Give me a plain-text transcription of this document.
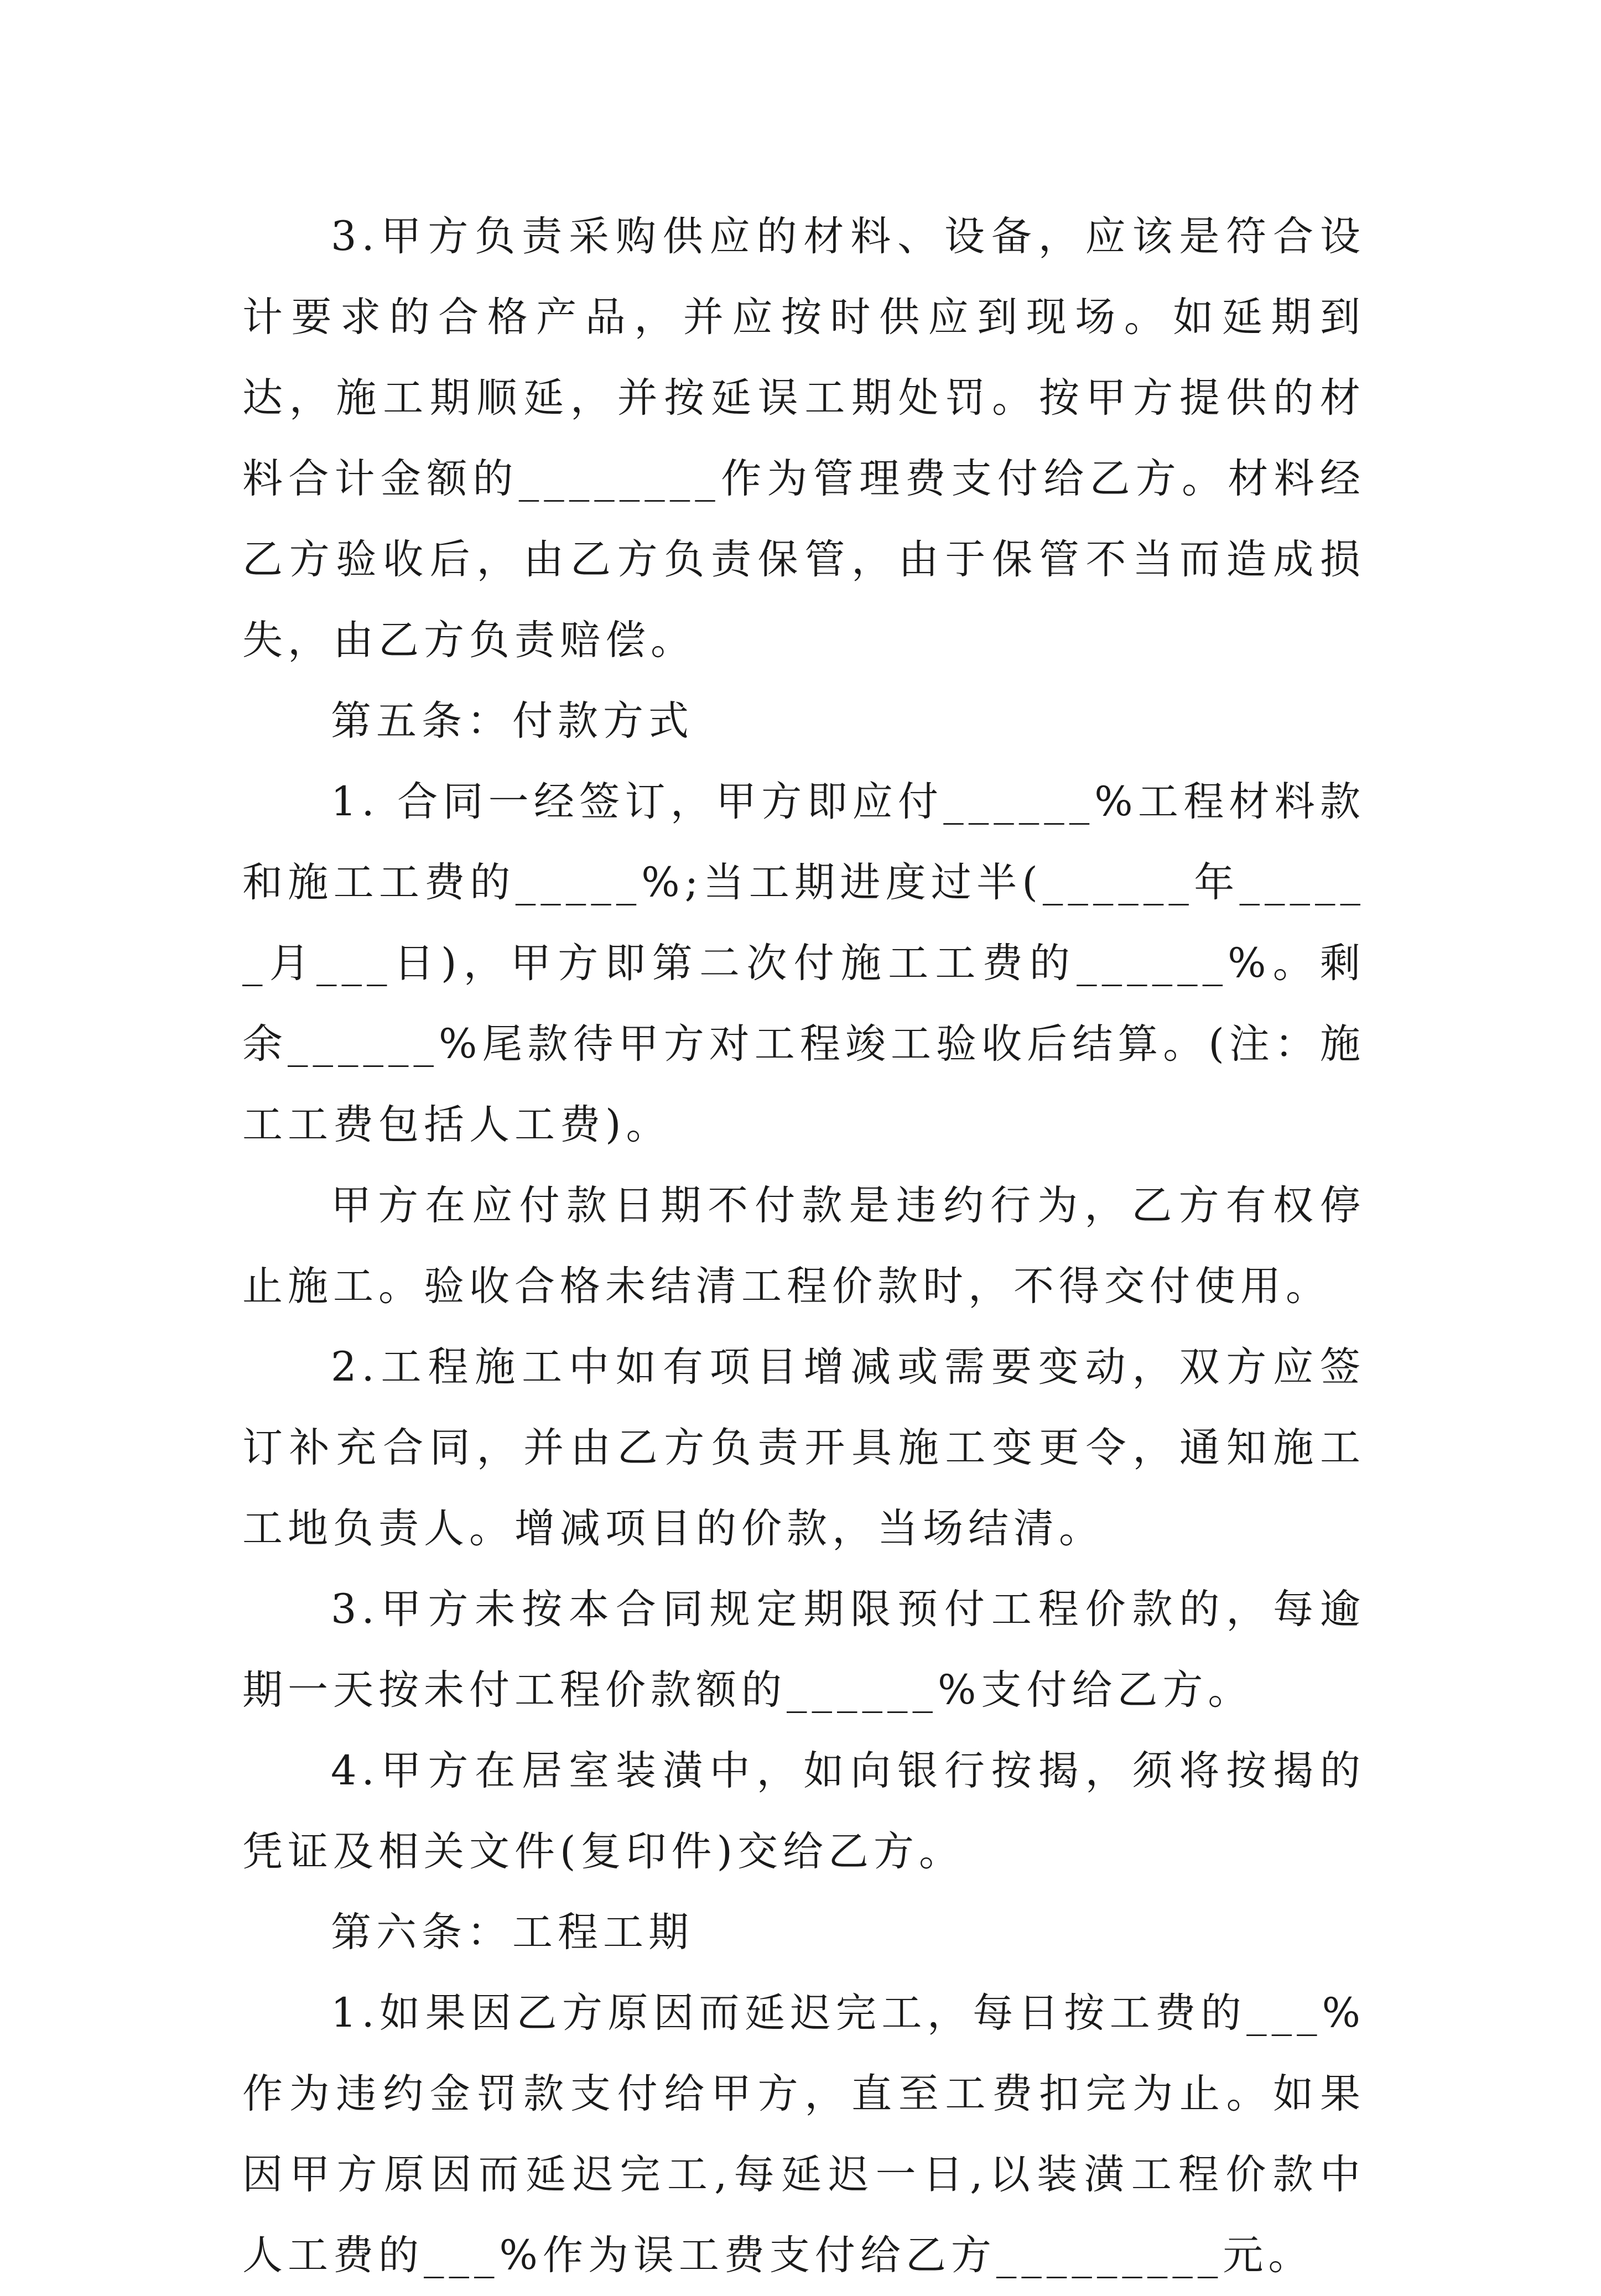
3.甲方负责采购供应的材料、设备，应该是符合设计要求的合格产品，并应按时供应到现场。如延期到达，施工期顺延，并按延误工期处罚。按甲方提供的材料合计金额的________作为管理费支付给乙方。材料经乙方验收后，由乙方负责保管，由于保管不当而造成损失，由乙方负责赔偿。

第五条：付款方式

1. 合同一经签订，甲方即应付______%工程材料款和施工工费的_____%;当工期进度过半(______年______月___日)，甲方即第二次付施工工费的______%。剩余______%尾款待甲方对工程竣工验收后结算。(注：施工工费包括人工费)。

甲方在应付款日期不付款是违约行为，乙方有权停止施工。验收合格未结清工程价款时，不得交付使用。

2.工程施工中如有项目增减或需要变动，双方应签订补充合同，并由乙方负责开具施工变更令，通知施工工地负责人。增减项目的价款，当场结清。

3.甲方未按本合同规定期限预付工程价款的，每逾期一天按未付工程价款额的______%支付给乙方。

4.甲方在居室装潢中，如向银行按揭，须将按揭的凭证及相关文件(复印件)交给乙方。

第六条：工程工期

1.如果因乙方原因而延迟完工，每日按工费的___%作为违约金罚款支付给甲方，直至工费扣完为止。如果因甲方原因而延迟完工,每延迟一日,以装潢工程价款中人工费的___%作为误工费支付给乙方_________元。
